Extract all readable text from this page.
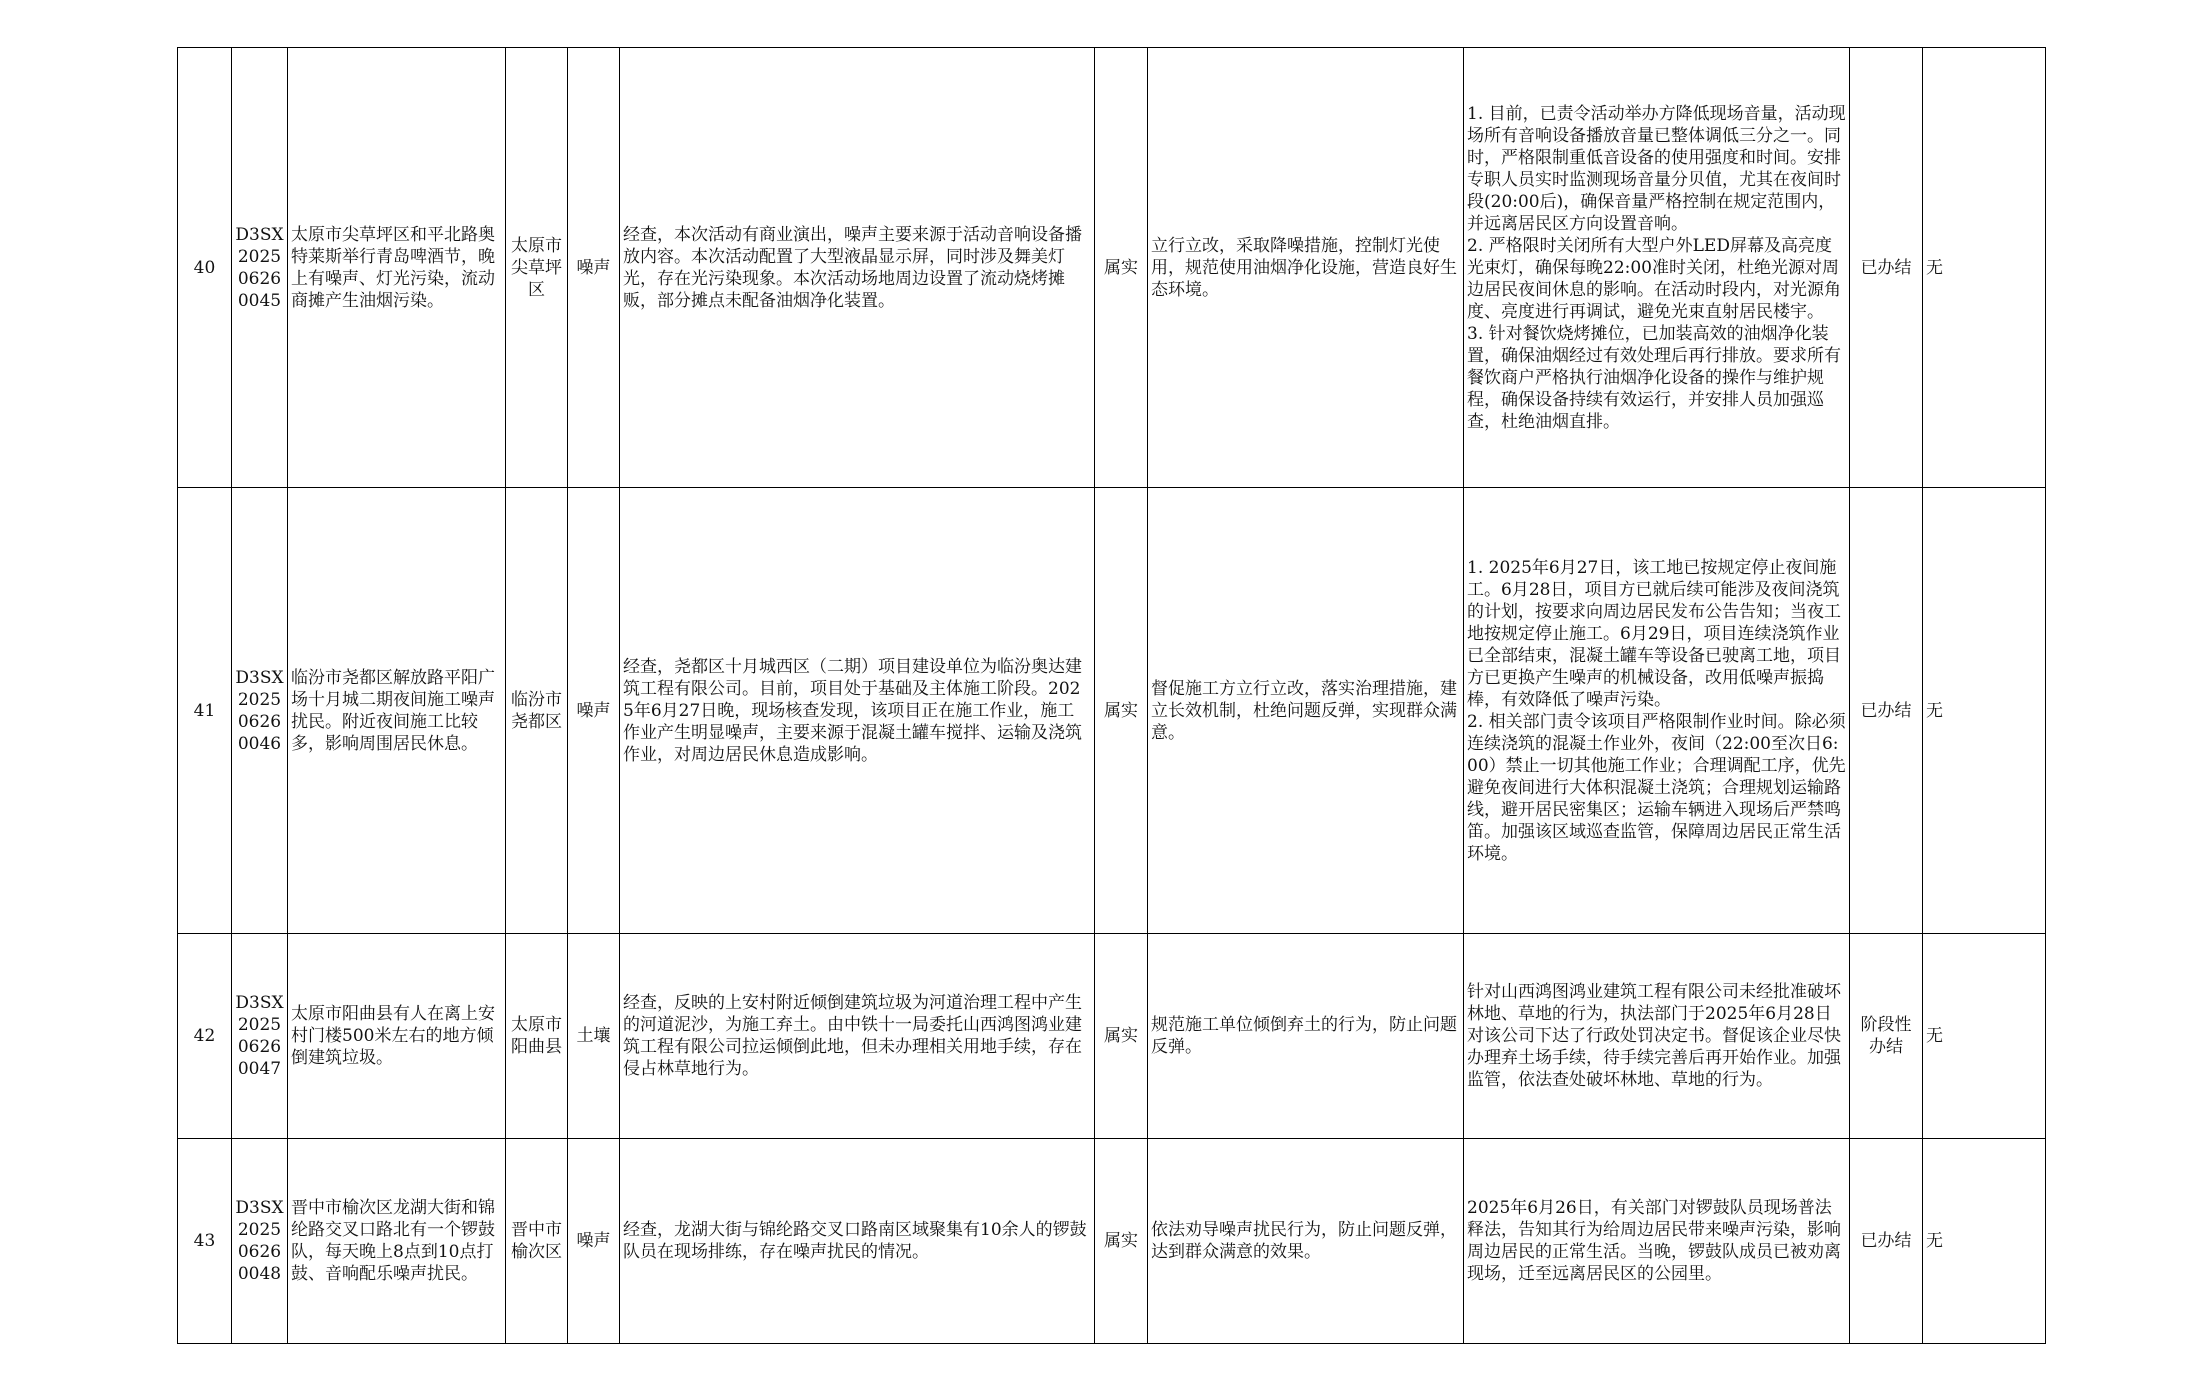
40	D3SX202506260045	太原市尖草坪区和平北路奥特莱斯举行青岛啤酒节，晚上有噪声、灯光污染，流动商摊产生油烟污染。	太原市尖草坪区	噪声	经查，本次活动有商业演出，噪声主要来源于活动音响设备播放内容。本次活动配置了大型液晶显示屏，同时涉及舞美灯光，存在光污染现象。本次活动场地周边设置了流动烧烤摊贩，部分摊点未配备油烟净化装置。	属实	立行立改，采取降噪措施，控制灯光使用，规范使用油烟净化设施，营造良好生态环境。	1. 目前，已责令活动举办方降低现场音量，活动现场所有音响设备播放音量已整体调低三分之一。同时，严格限制重低音设备的使用强度和时间。安排专职人员实时监测现场音量分贝值，尤其在夜间时段(20:00后)，确保音量严格控制在规定范围内，并远离居民区方向设置音响。
2. 严格限时关闭所有大型户外LED屏幕及高亮度光束灯，确保每晚22:00准时关闭，杜绝光源对周边居民夜间休息的影响。在活动时段内，对光源角度、亮度进行再调试，避免光束直射居民楼宇。
3. 针对餐饮烧烤摊位，已加装高效的油烟净化装置，确保油烟经过有效处理后再行排放。要求所有餐饮商户严格执行油烟净化设备的操作与维护规程，确保设备持续有效运行，并安排人员加强巡查，杜绝油烟直排。	已办结	无
41	D3SX202506260046	临汾市尧都区解放路平阳广场十月城二期夜间施工噪声扰民。附近夜间施工比较多，影响周围居民休息。	临汾市尧都区	噪声	经查，尧都区十月城西区（二期）项目建设单位为临汾奥达建筑工程有限公司。目前，项目处于基础及主体施工阶段。2025年6月27日晚，现场核查发现，该项目正在施工作业，施工作业产生明显噪声，主要来源于混凝土罐车搅拌、运输及浇筑作业，对周边居民休息造成影响。	属实	督促施工方立行立改，落实治理措施，建立长效机制，杜绝问题反弹，实现群众满意。	1. 2025年6月27日，该工地已按规定停止夜间施工。6月28日，项目方已就后续可能涉及夜间浇筑的计划，按要求向周边居民发布公告告知；当夜工地按规定停止施工。6月29日，项目连续浇筑作业已全部结束，混凝土罐车等设备已驶离工地，项目方已更换产生噪声的机械设备，改用低噪声振捣棒，有效降低了噪声污染。
2. 相关部门责令该项目严格限制作业时间。除必须连续浇筑的混凝土作业外，夜间（22:00至次日6:00）禁止一切其他施工作业；合理调配工序，优先避免夜间进行大体积混凝土浇筑；合理规划运输路线，避开居民密集区；运输车辆进入现场后严禁鸣笛。加强该区域巡查监管，保障周边居民正常生活环境。	已办结	无
42	D3SX202506260047	太原市阳曲县有人在离上安村门楼500米左右的地方倾倒建筑垃圾。	太原市阳曲县	土壤	经查，反映的上安村附近倾倒建筑垃圾为河道治理工程中产生的河道泥沙，为施工弃土。由中铁十一局委托山西鸿图鸿业建筑工程有限公司拉运倾倒此地，但未办理相关用地手续，存在侵占林草地行为。	属实	规范施工单位倾倒弃土的行为，防止问题反弹。	针对山西鸿图鸿业建筑工程有限公司未经批准破坏林地、草地的行为，执法部门于2025年6月28日对该公司下达了行政处罚决定书。督促该企业尽快办理弃土场手续，待手续完善后再开始作业。加强监管，依法查处破坏林地、草地的行为。	阶段性办结	无
43	D3SX202506260048	晋中市榆次区龙湖大街和锦纶路交叉口路北有一个锣鼓队，每天晚上8点到10点打鼓、音响配乐噪声扰民。	晋中市榆次区	噪声	经查，龙湖大街与锦纶路交叉口路南区域聚集有10余人的锣鼓队员在现场排练，存在噪声扰民的情况。	属实	依法劝导噪声扰民行为，防止问题反弹，达到群众满意的效果。	2025年6月26日，有关部门对锣鼓队员现场普法释法，告知其行为给周边居民带来噪声污染，影响周边居民的正常生活。当晚，锣鼓队成员已被劝离现场，迁至远离居民区的公园里。	已办结	无
